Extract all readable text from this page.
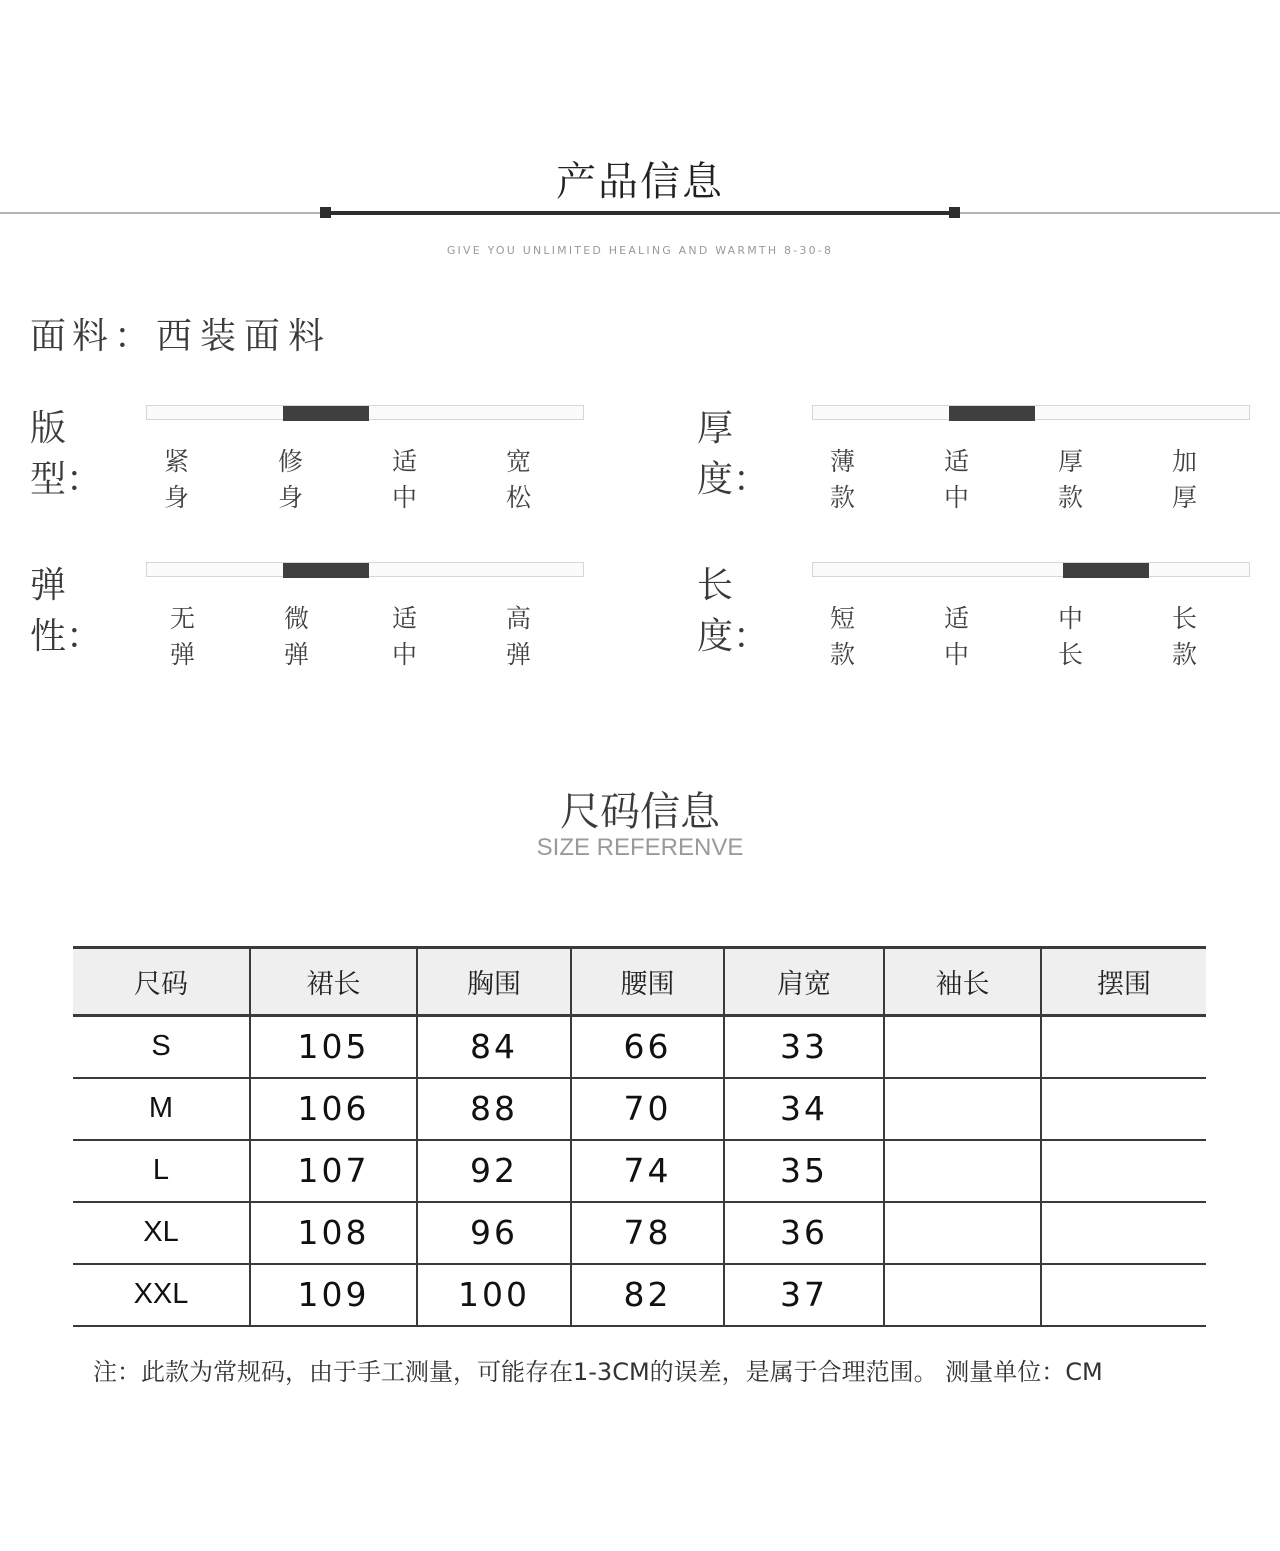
产品信息
GIVE YOU UNLIMITED HEALING AND WARMTH 8-30-8
面料：西装面料
版型： 紧身
修身
适中
宽松
厚度： 薄款
适中
厚款
加厚
弹性：	无弹
微弹
适中
高弹
长度： 短款
适中
中长
长款
尺码信息
SIZE REFERENVE
尺码	裙长	胸围	腰围	肩宽	袖长	摆围
S	105	84	66	33		
M	106	88	70	34		
L	107	92	74	35		
XL	108	96	78	36		
XXL	109	100	82	37		
注：此款为常规码，由于手工测量，可能存在1-3CM的误差，是属于合理范围。 测量单位：CM
